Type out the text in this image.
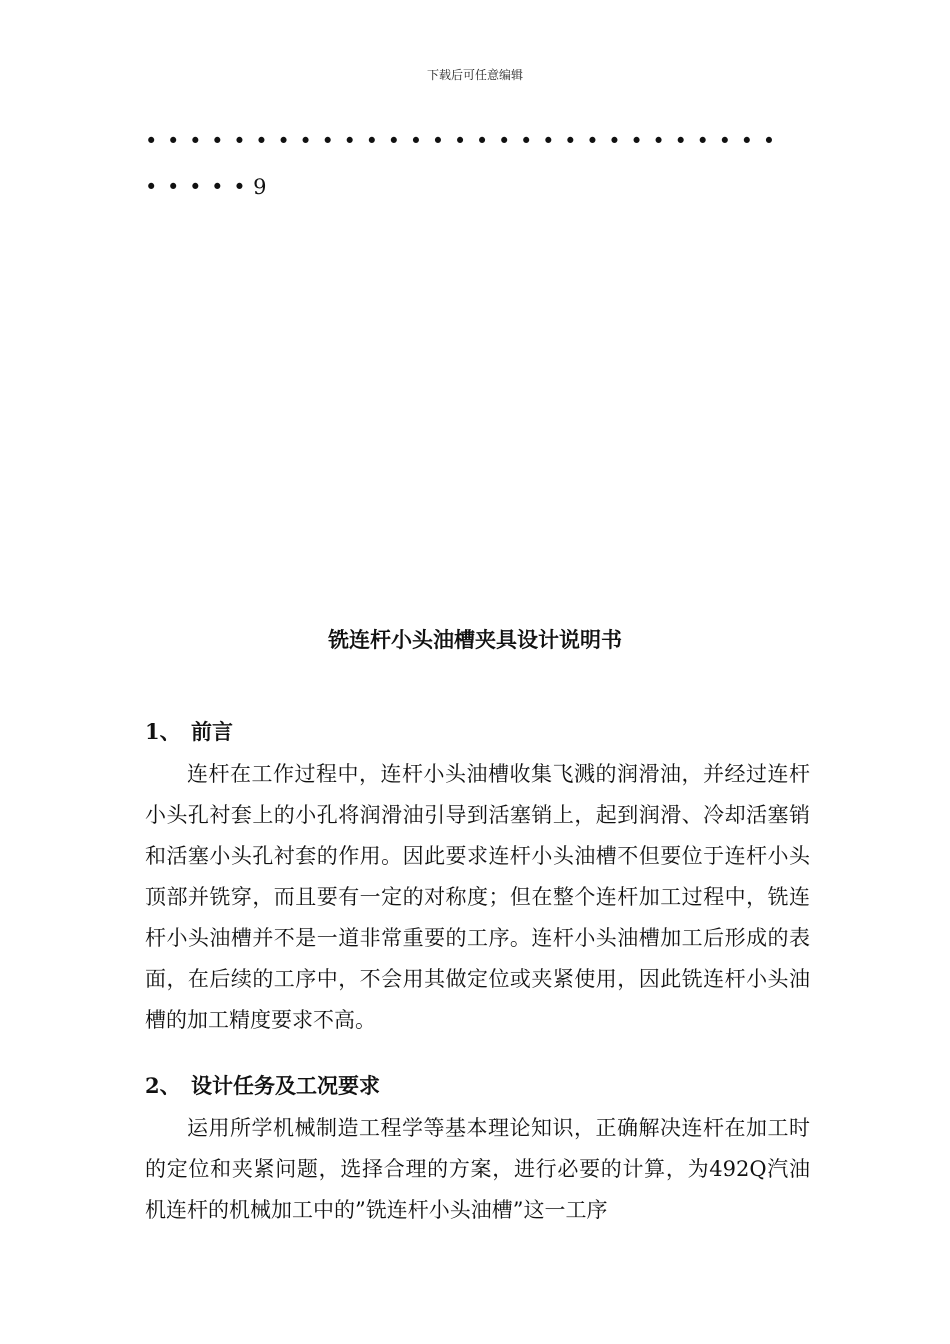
下载后可任意编辑
• • • • • • • • • • • • • • • • • • • • • • • • • • • • •
• • • • • 9
铣连杆小头油槽夹具设计说明书
1、 前言

连杆在工作过程中，连杆小头油槽收集飞溅的润滑油，并经过连杆小头孔衬套上的小孔将润滑油引导到活塞销上，起到润滑、冷却活塞销和活塞小头孔衬套的作用。因此要求连杆小头油槽不但要位于连杆小头顶部并铣穿，而且要有一定的对称度；但在整个连杆加工过程中，铣连杆小头油槽并不是一道非常重要的工序。连杆小头油槽加工后形成的表面，在后续的工序中，不会用其做定位或夹紧使用，因此铣连杆小头油槽的加工精度要求不高。

2、 设计任务及工况要求

运用所学机械制造工程学等基本理论知识，正确解决连杆在加工时的定位和夹紧问题，选择合理的方案，进行必要的计算，为492Q汽油机连杆的机械加工中的”铣连杆小头油槽”这一工序
